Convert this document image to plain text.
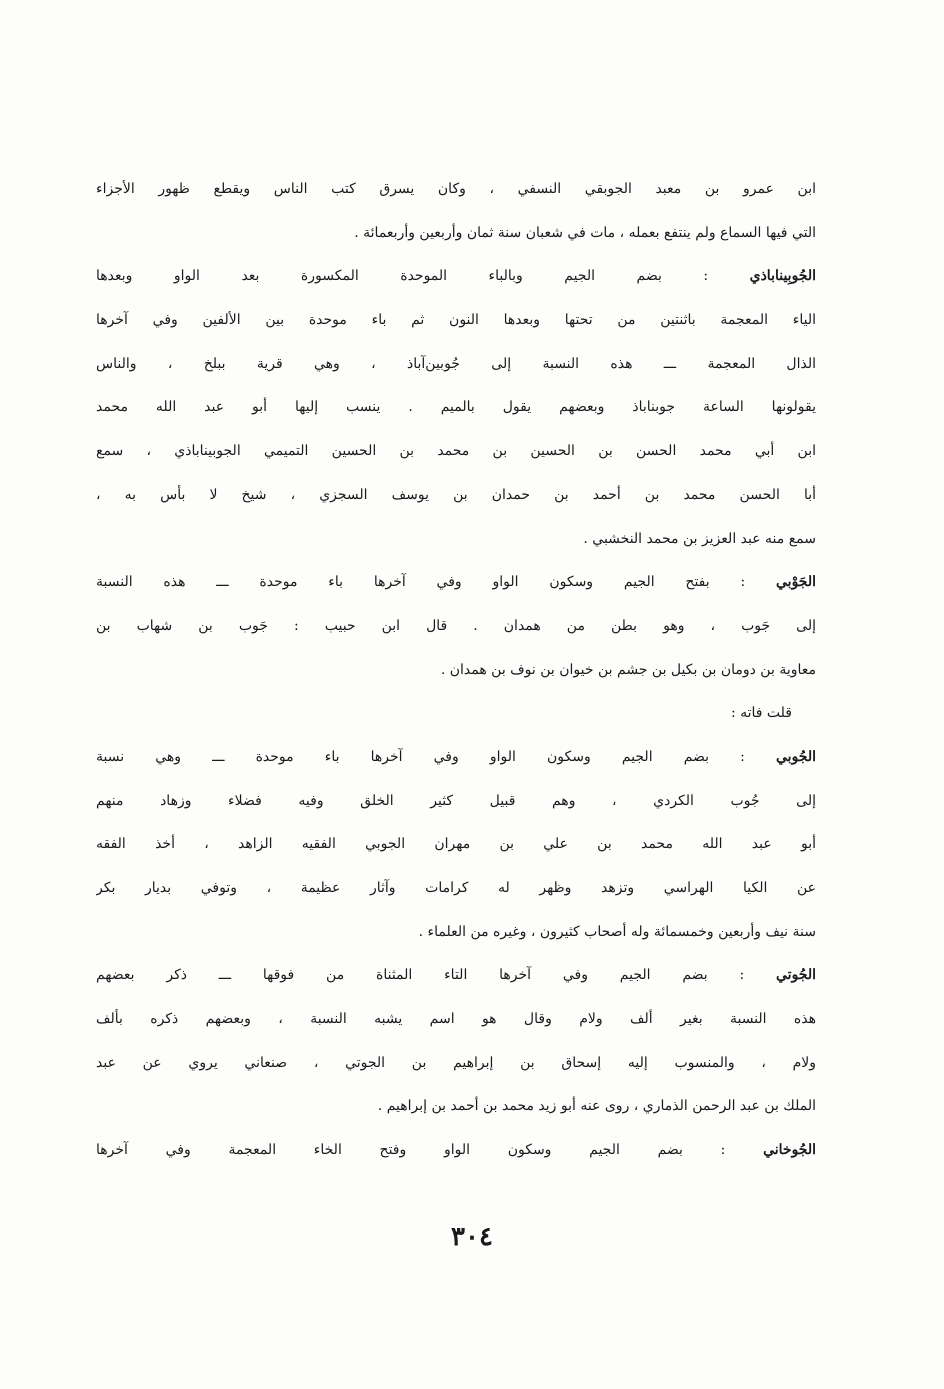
ابن عمرو بن معبد الجوبقي النسفي ، وكان يسرق كتب الناس ويقطع ظهور الأجزاء
التي فيها السماع ولم ينتفع بعمله ، مات في شعبان سنة ثمان وأربعين وأربعمائة .
الجُوبِيناباذي : بضم الجيم وبالباء الموحدة المكسورة بعد الواو وبعدها
الياء المعجمة باثنتين من تحتها وبعدها النون ثم باء موحدة بين الألفين وفي آخرها
الذال المعجمة ـــ هذه النسبة إلى جُوبين‌آباذ ، وهي قرية ببلخ ، والناس
يقولونها الساعة جوبناباذ وبعضهم يقول بالميم . ينسب إليها أبو عبد الله محمد
ابن أبي محمد الحسن بن الحسين بن محمد بن الحسين التميمي الجوبيناباذي ، سمع
أبا الحسن محمد بن أحمد بن حمدان بن يوسف السجزي ، شيخ لا بأس به ،
سمع منه عبد العزيز بن محمد النخشبي .
الجَوْبي : بفتح الجيم وسكون الواو وفي آخرها باء موحدة ـــ هذه النسبة
إلى جَوب ، وهو بطن من همدان . قال ابن حبيب : جَوب بن شهاب بن
معاوية بن دومان بن بكيل بن جشم بن خيوان بن نوف بن همدان .
قلت فاته :
الجُوبي : بضم الجيم وسكون الواو وفي آخرها باء موحدة ـــ وهي نسبة
إلى جُوب الكردي ، وهم قبيل كثير الخلق وفيه فضلاء وزهاد منهم
أبو عبد الله محمد بن علي بن مهران الجوبي الفقيه الزاهد ، أخذ الفقه
عن الكيا الهراسي وتزهد وظهر له كرامات وآثار عظيمة ، وتوفي بديار بكر
سنة نيف وأربعين وخمسمائة وله أصحاب كثيرون ، وغيره من العلماء .
الجُوتي : بضم الجيم وفي آخرها التاء المثناة من فوقها ـــ ذكر بعضهم
هذه النسبة بغير ألف ولام وقال هو اسم يشبه النسبة ، وبعضهم ذكره بألف
ولام ، والمنسوب إليه إسحاق بن إبراهيم بن الجوتي ، صنعاني يروي عن عبد
الملك بن عبد الرحمن الذماري ، روى عنه أبو زيد محمد بن أحمد بن إبراهيم .
الجُوخاني : بضم الجيم وسكون الواو وفتح الخاء المعجمة وفي آخرها
٣٠٤
